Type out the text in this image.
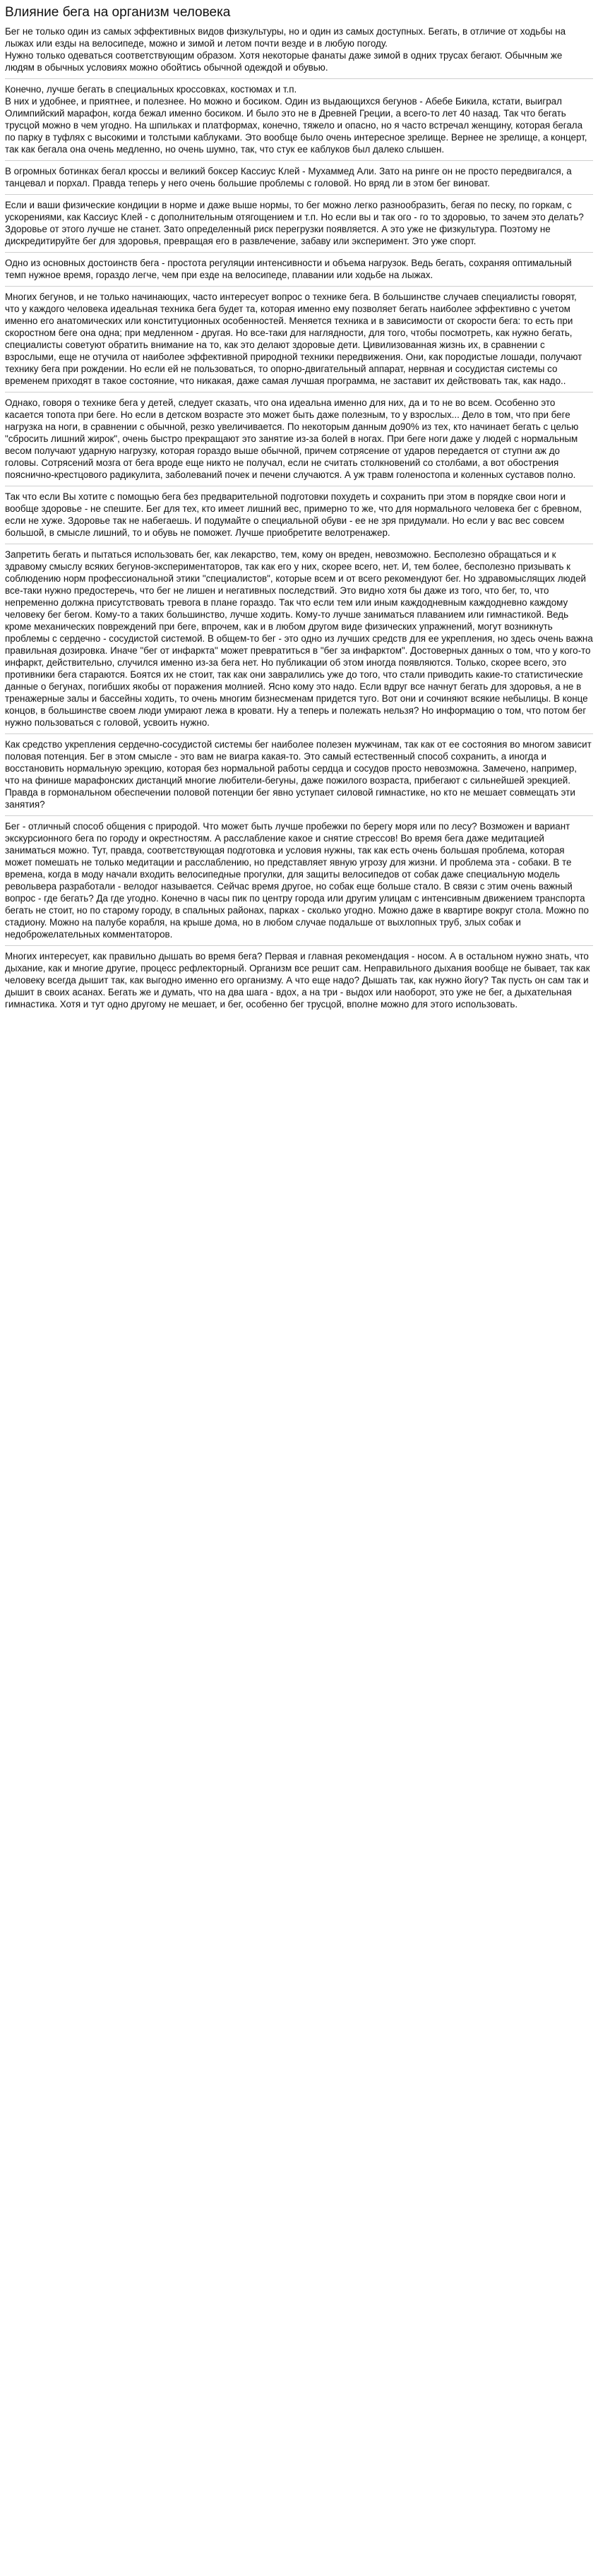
Влияние бега на организм человека

Бег не только один из самых эффективных видов физкультуры, но и один из самых доступных. Бегать, в отличие от ходьбы на лыжах или езды на велосипеде, можно и зимой и летом почти везде и в любую погоду.
Нужно только одеваться соответствующим образом. Хотя некоторые фанаты даже зимой в одних трусах бегают. Обычным же людям в обычных условиях можно обойтись обычной одеждой и обувью.

Конечно, лучше бегать в специальных кроссовках, костюмах и т.п.
В них и удобнее, и приятнее, и полезнее. Но можно и босиком. Один из выдающихся бегунов - Абебе Бикила, кстати, выиграл Олимпийский марафон, когда бежал именно босиком. И было это не в Древней Греции, а всего-то лет 40 назад. Так что бегать трусцой можно в чем угодно. На шпильках и платформах, конечно, тяжело и опасно, но я часто встречал женщину, которая бегала по парку в туфлях с высокими и толстыми каблуками. Это вообще было очень интересное зрелище. Вернее не зрелище, а концерт, так как бегала она очень медленно, но очень шумно, так, что стук ее каблуков был далеко слышен.

В огромных ботинках бегал кроссы и великий боксер Кассиус Клей - Мухаммед Али. Зато на ринге он не просто передвигался, а танцевал и порхал. Правда теперь у него очень большие проблемы с головой. Но вряд ли в этом бег виноват.

Если и ваши физические кондиции в норме и даже выше нормы, то бег можно легко разнообразить, бегая по песку, по горкам, с ускорениями, как Кассиус Клей - с дополнительным отягощением и т.п. Но если вы и так ого - го то здоровью, то зачем это делать? Здоровье от этого лучше не станет. Зато определенный риск перегрузки появляется. А это уже не физкультура. Поэтому не дискредитируйте бег для здоровья, превращая его в развлечение, забаву или эксперимент. Это уже спорт.

Одно из основных достоинств бега - простота регуляции интенсивности и объема нагрузок. Ведь бегать, сохраняя оптимальный темп нужное время, гораздо легче, чем при езде на велосипеде, плавании или ходьбе на лыжах.

Многих бегунов, и не только начинающих, часто интересует вопрос о технике бега. В большинстве случаев специалисты говорят, что у каждого человека идеальная техника бега будет та, которая именно ему позволяет бегать наиболее эффективно с учетом именно его анатомических или конституционных особенностей. Меняется техника и в зависимости от скорости бега: то есть при скоростном беге она одна; при медленном - другая. Но все-таки для наглядности, для того, чтобы посмотреть, как нужно бегать, специалисты советуют обратить внимание на то, как это делают здоровые дети. Цивилизованная жизнь их, в сравнении с взрослыми, еще не отучила от наиболее эффективной природной техники передвижения. Они, как породистые лошади, получают технику бега при рождении. Но если ей не пользоваться, то опорно-двигательный аппарат, нервная и сосудистая системы со временем приходят в такое состояние, что никакая, даже самая лучшая программа, не заставит их действовать так, как надо..

Однако, говоря о технике бега у детей, следует сказать, что она идеальна именно для них, да и то не во всем. Особенно это касается топота при беге. Но если в детском возрасте это может быть даже полезным, то у взрослых... Дело в том, что при беге нагрузка на ноги, в сравнении с обычной, резко увеличивается. По некоторым данным до90% из тех, кто начинает бегать с целью "сбросить лишний жирок", очень быстро прекращают это занятие из-за болей в ногах. При беге ноги даже у людей с нормальным весом получают ударную нагрузку, которая гораздо выше обычной, причем сотрясение от ударов передается от ступни аж до головы. Сотрясений мозга от бега вроде еще никто не получал, если не считать столкновений со столбами, а вот обострения пояснично-крестцового радикулита, заболеваний почек и печени случаются. А уж травм голеностопа и коленных суставов полно.

Так что если Вы хотите с помощью бега без предварительной подготовки похудеть и сохранить при этом в порядке свои ноги и вообще здоровье - не спешите. Бег для тех, кто имеет лишний вес, примерно то же, что для нормального человека бег с бревном, если не хуже. Здоровье так не набегаешь. И подумайте о специальной обуви - ее не зря придумали. Но если у вас вес совсем большой, в смысле лишний, то и обувь не поможет. Лучше приобретите велотренажер.

Запретить бегать и пытаться использовать бег, как лекарство, тем, кому он вреден, невозможно. Бесполезно обращаться и к здравому смыслу всяких бегунов-экспериментаторов, так как его у них, скорее всего, нет. И, тем более, бесполезно призывать к соблюдению норм профессиональной этики "специалистов", которые всем и от всего рекомендуют бег. Но здравомыслящих людей все-таки нужно предостеречь, что бег не лишен и негативных последствий. Это видно хотя бы даже из того, что бег, то, что непременно должна присутствовать тревога в плане гораздо. Так что если тем или иным каждодневным каждодневно каждому человеку бег бегом. Кому-то а таких большинство, лучше ходить. Кому-то лучше заниматься плаванием или гимнастикой. Ведь кроме механических повреждений при беге, впрочем, как и в любом другом виде физических упражнений, могут возникнуть проблемы с сердечно - сосудистой системой. В общем-то бег - это одно из лучших средств для ее укрепления, но здесь очень важна правильная дозировка. Иначе "бег от инфаркта" может превратиться в "бег за инфарктом". Достоверных данных о том, что у кого-то инфаркт, действительно, случился именно из-за бега нет. Но публикации об этом иногда появляются. Только, скорее всего, это противники бега стараются. Боятся их не стоит, так как они завралились уже до того, что стали приводить какие-то статистические данные о бегунах, погибших якобы от поражения молнией. Ясно кому это надо. Если вдруг все начнут бегать для здоровья, а не в тренажерные залы и бассейны ходить, то очень многим бизнесменам придется туго. Вот они и сочиняют всякие небылицы. В конце концов, в большинстве своем люди умирают лежа в кровати. Ну а теперь и полежать нельзя? Но информацию о том, что потом бег нужно пользоваться с головой, усвоить нужно.

Как средство укрепления сердечно-сосудистой системы бег наиболее полезен мужчинам, так как от ее состояния во многом зависит половая потенция. Бег в этом смысле - это вам не виагра какая-то. Это самый естественный способ сохранить, а иногда и восстановить нормальную эрекцию, которая без нормальной работы сердца и сосудов просто невозможна. Замечено, например, что на финише марафонских дистанций многие любители-бегуны, даже пожилого возраста, прибегают с сильнейшей эрекцией. Правда в гормональном обеспечении половой потенции бег явно уступает силовой гимнастике, но кто не мешает совмещать эти занятия?

Бег - отличный способ общения с природой. Что может быть лучше пробежки по берегу моря или по лесу? Возможен и вариант экскурсионного бега по городу и окрестностям. А расслабление какое и снятие стрессов! Во время бега даже медитацией заниматься можно. Тут, правда, соответствующая подготовка и условия нужны, так как есть очень большая проблема, которая может помешать не только медитации и расслаблению, но представляет явную угрозу для жизни. И проблема эта - собаки. В те времена, когда в моду начали входить велосипедные прогулки, для защиты велосипедов от собак даже специальную модель револьвера разработали - велодог называется. Сейчас время другое, но собак еще больше стало. В связи с этим очень важный вопрос - где бегать? Да где угодно. Конечно в часы пик по центру города или другим улицам с интенсивным движением транспорта бегать не стоит, но по старому городу, в спальных районах, парках - сколько угодно. Можно даже в квартире вокруг стола. Можно по стадиону. Можно на палубе корабля, на крыше дома, но в любом случае подальше от выхлопных труб, злых собак и недоброжелательных комментаторов.

Многих интересует, как правильно дышать во время бега? Первая и главная рекомендация - носом. А в остальном нужно знать, что дыхание, как и многие другие, процесс рефлекторный. Организм все решит сам. Неправильного дыхания вообще не бывает, так как человеку всегда дышит так, как выгодно именно его организму. А что еще надо? Дышать так, как нужно йогу? Так пусть он сам так и дышит в своих асанах. Бегать же и думать, что на два шага - вдох, а на три - выдох или наоборот, это уже не бег, а дыхательная гимнастика. Хотя и тут одно другому не мешает, и бег, особенно бег трусцой, вполне можно для этого использовать.
